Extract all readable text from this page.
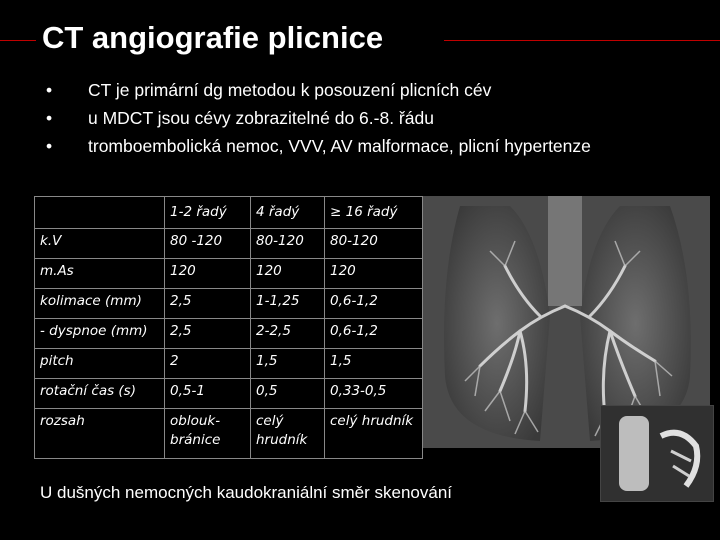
CT angiografie plicnice
• CT je primární dg metodou k posouzení plicních cév
• u MDCT jsou cévy zobrazitelné do 6.-8. řádu
• tromboembolická nemoc, VVV, AV malformace, plicní hypertenze
	1-2 řadý	4 řadý	≥ 16 řadý
k.V	80 -120	80-120	80-120
m.As	120	120	120
kolimace (mm)	2,5	1-1,25	0,6-1,2
- dyspnoe (mm)	2,5	2-2,5	0,6-1,2
pitch	2	1,5	1,5
rotační čas (s)	0,5-1	0,5	0,33-0,5
rozsah	oblouk-bránice	celý hrudník	celý hrudník
U dušných nemocných kaudokraniální směr skenování
